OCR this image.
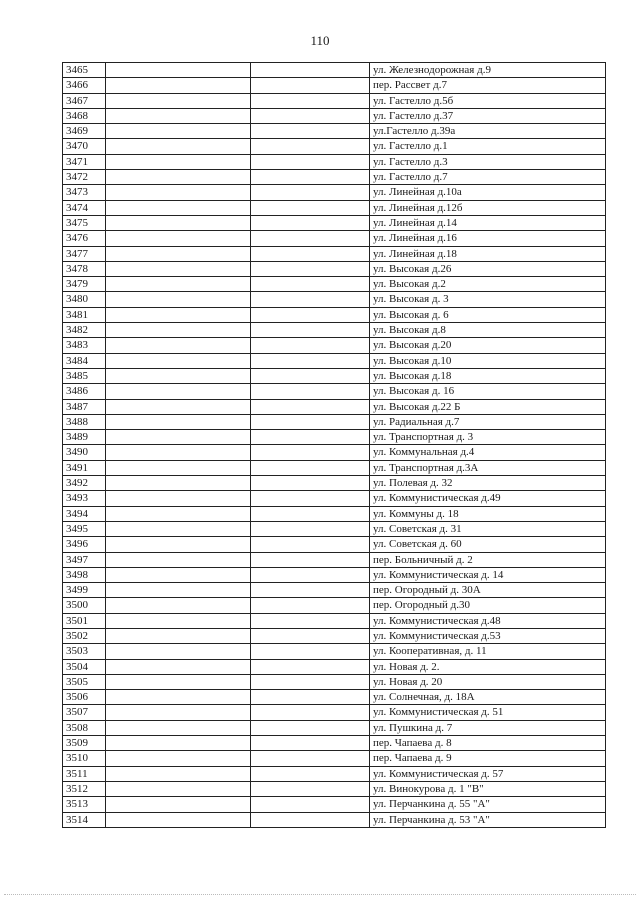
110
3465			ул. Железнодорожная д.9
3466			пер. Рассвет д.7
3467			ул. Гастелло д.5б
3468			ул. Гастелло д.37
3469			ул.Гастелло д.39а
3470			ул. Гастелло д.1
3471			ул. Гастелло д.3
3472			ул. Гастелло д.7
3473			ул. Линейная д.10а
3474			ул. Линейная д.12б
3475			ул. Линейная д.14
3476			ул. Линейная д.16
3477			ул. Линейная д.18
3478			ул. Высокая д.26
3479			ул. Высокая д.2
3480			ул. Высокая д. 3
3481			ул. Высокая д. 6
3482			ул. Высокая д.8
3483			ул. Высокая д.20
3484			ул. Высокая д.10
3485			ул. Высокая д.18
3486			ул. Высокая д. 16
3487			ул. Высокая д.22 Б
3488			ул. Радиальная д.7
3489			ул. Транспортная д. 3
3490			ул. Коммунальная д.4
3491			ул. Транспортная д.3А
3492			ул. Полевая д. 32
3493			ул. Коммунистическая д.49
3494			ул. Коммуны д. 18
3495			ул. Советская д. 31
3496			ул. Советская д. 60
3497			пер. Больничный д. 2
3498			ул. Коммунистическая д. 14
3499			пер. Огородный д. 30А
3500			пер. Огородный д.30
3501			ул. Коммунистическая д.48
3502			ул. Коммунистическая д.53
3503			ул. Кооперативная, д. 11
3504			ул. Новая д. 2.
3505			ул. Новая д. 20
3506			ул. Солнечная, д. 18А
3507			ул. Коммунистическая д. 51
3508			ул. Пушкина д. 7
3509			пер. Чапаева д. 8
3510			пер. Чапаева д. 9
3511			ул. Коммунистическая д. 57
3512			ул. Винокурова д. 1 "В"
3513			ул. Перчанкина д. 55 "А"
3514			ул. Перчанкина д. 53 "А"
